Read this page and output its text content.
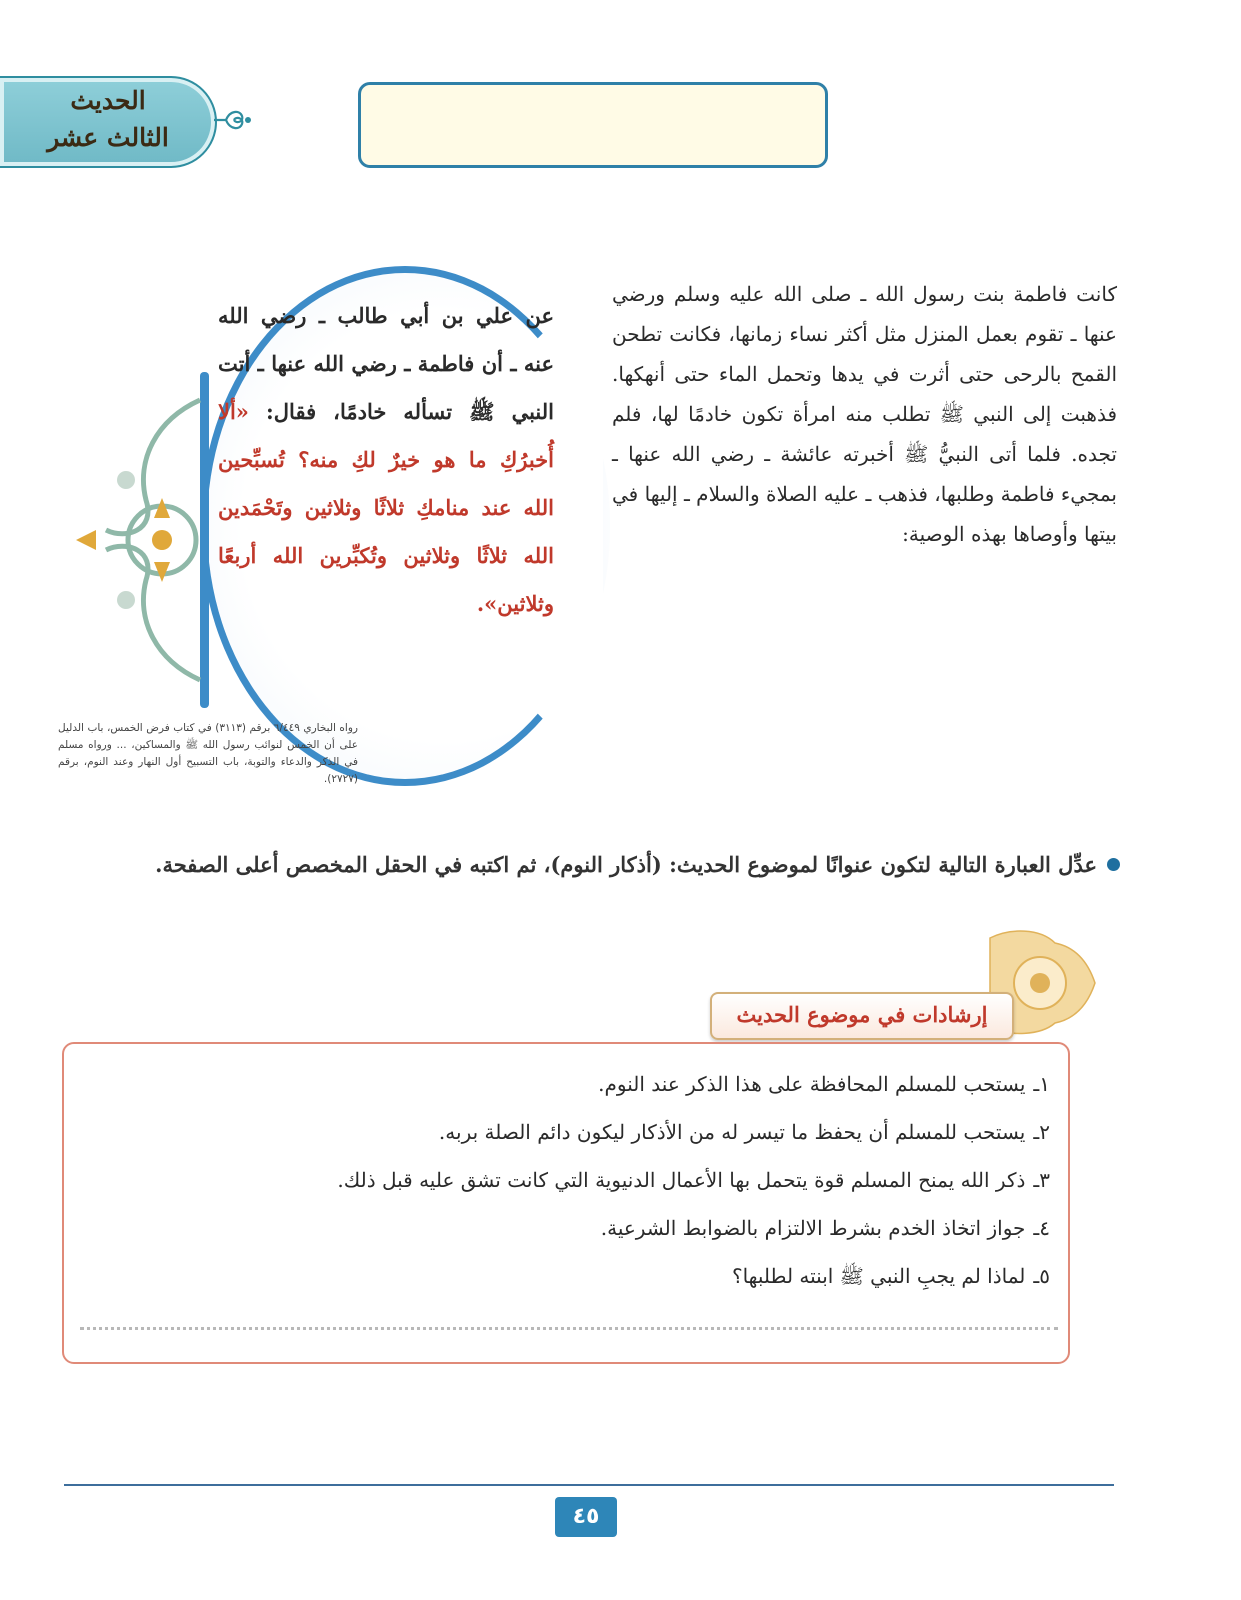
الحديث
الثالث عشر

كانت فاطمة بنت رسول الله ـ صلى الله عليه وسلم ورضي عنها ـ تقوم بعمل المنزل مثل أكثر نساء زمانها، فكانت تطحن القمح بالرحى حتى أثرت في يدها وتحمل الماء حتى أنهكها. فذهبت إلى النبي ﷺ تطلب منه امرأة تكون خادمًا لها، فلم تجده. فلما أتى النبيُّ ﷺ أخبرته عائشة ـ رضي الله عنها ـ بمجيء فاطمة وطلبها، فذهب ـ عليه الصلاة والسلام ـ إليها في بيتها وأوصاها بهذه الوصية:

عن علي بن أبي طالب ـ رضي الله عنه ـ أن فاطمة ـ رضي الله عنها ـ أتت النبي ﷺ تسأله خادمًا، فقال: «ألا أُخبرُكِ ما هو خيرٌ لكِ منه؟ تُسبِّحين الله عند منامكِ ثلاثًا وثلاثين وتَحْمَدين الله ثلاثًا وثلاثين وتُكبِّرين الله أربعًا وثلاثين».
رواه البخاري ٦/٤٤٩ برقم (٣١١٣) في كتاب فرض الخمس، باب الدليل على أن الخمس لنوائب رسول الله ﷺ والمساكين، ... ورواه مسلم في الذكر والدعاء والتوبة، باب التسبيح أول النهار وعند النوم، برقم (٢٧٢٧).
عدِّل العبارة التالية لتكون عنوانًا لموضوع الحديث: (أذكار النوم)، ثم اكتبه في الحقل المخصص أعلى الصفحة.
إرشادات في موضوع الحديث
١ـ
يستحب للمسلم المحافظة على هذا الذكر عند النوم.
٢ـ
يستحب للمسلم أن يحفظ ما تيسر له من الأذكار ليكون دائم الصلة بربه.
٣ـ
ذكر الله يمنح المسلم قوة يتحمل بها الأعمال الدنيوية التي كانت تشق عليه قبل ذلك.
٤ـ
جواز اتخاذ الخدم بشرط الالتزام بالضوابط الشرعية.
٥ـ
لماذا لم يجبِ النبي ﷺ ابنته لطلبها؟
٤٥
